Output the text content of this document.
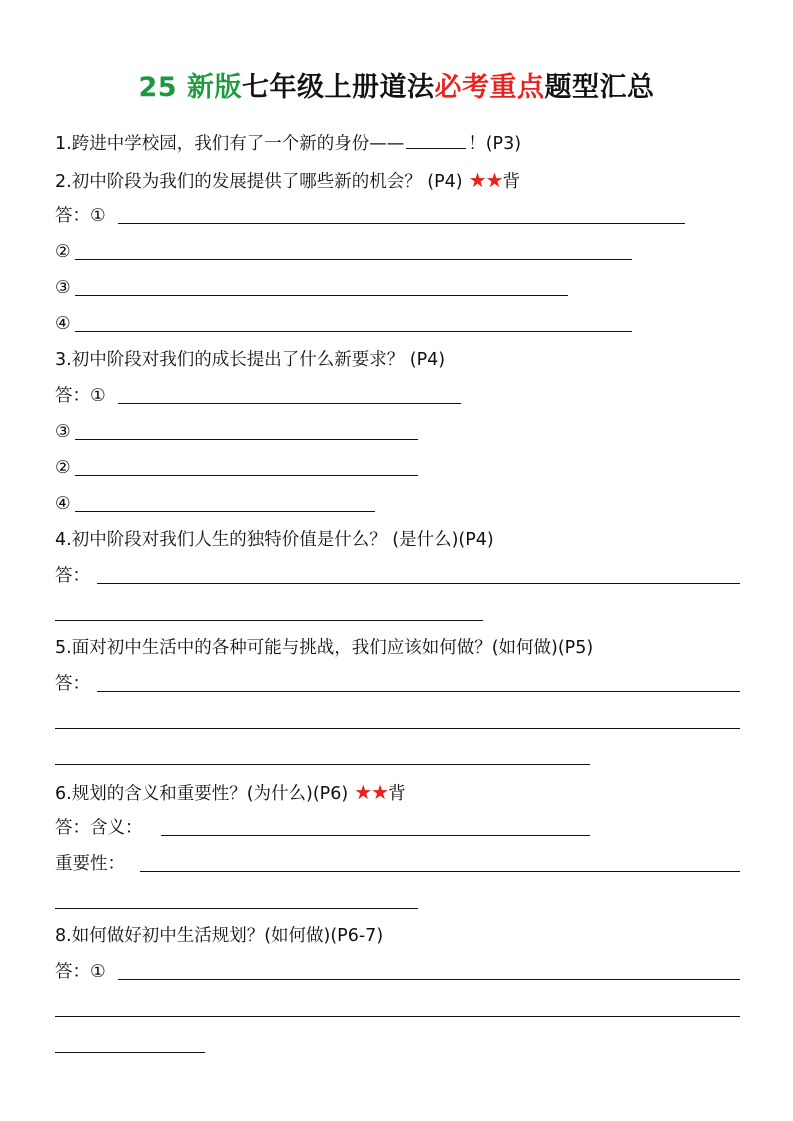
25 新版七年级上册道法必考重点题型汇总
1.跨进中学校园，我们有了一个新的身份——	！(P3)
2.初中阶段为我们的发展提供了哪些新的机会？ (P4) ★★背
答：①
②
③
④
3.初中阶段对我们的成长提出了什么新要求？ (P4)
答：①
③
②
④
4.初中阶段对我们人生的独特价值是什么？ (是什么)(P4)
答：
5.面对初中生活中的各种可能与挑战，我们应该如何做？(如何做)(P5)
答：
6.规划的含义和重要性？(为什么)(P6) ★★背
答：含义：
重要性：
8.如何做好初中生活规划？(如何做)(P6-7)
答：①
